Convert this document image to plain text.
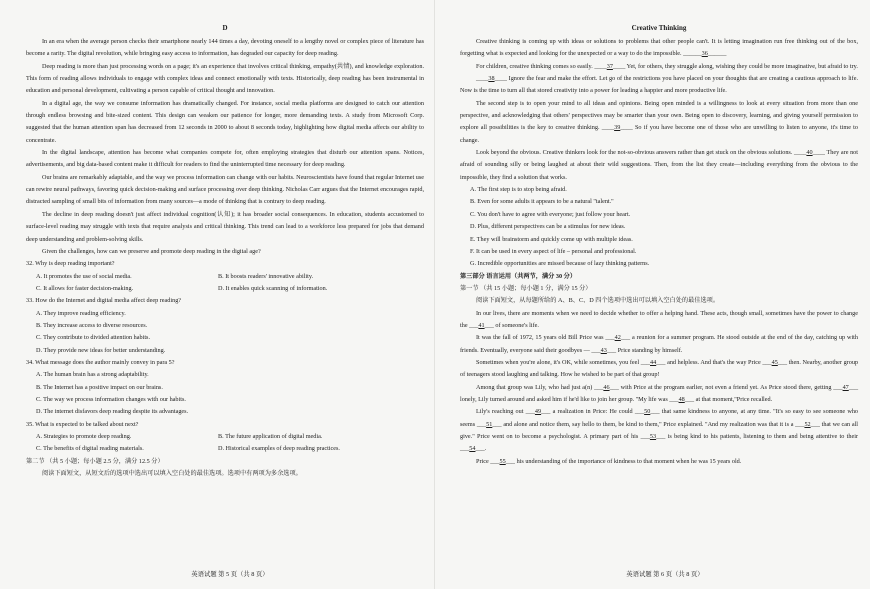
D

In an era when the average person checks their smartphone nearly 144 times a day, devoting oneself to a lengthy novel or complex piece of literature has become a rarity. The digital revolution, while bringing easy access to information, has degraded our capacity for deep reading.

Deep reading is more than just processing words on a page; it's an experience that involves critical thinking, empathy(共情), and knowledge exploration. This form of reading allows individuals to engage with complex ideas and connect emotionally with texts. Historically, deep reading has been instrumental in education and personal development, cultivating a person capable of critical thought and innovation.

In a digital age, the way we consume information has dramatically changed. For instance, social media platforms are designed to catch our attention through endless browsing and bite-sized content. This design can weaken our patience for longer, more demanding texts. A study from Microsoft Corp. suggested that the human attention span has decreased from 12 seconds in 2000 to about 8 seconds today, highlighting how digital media affects our ability to concentrate.

In the digital landscape, attention has become what companies compete for, often employing strategies that disturb our attention spans. Notices, advertisements, and big data-based content make it difficult for readers to find the uninterrupted time necessary for deep reading.

Our brains are remarkably adaptable, and the way we process information can change with our habits. Neuroscientists have found that regular Internet use can rewire neural pathways, favoring quick decision-making and surface processing over deep thinking. Nicholas Carr argues that the Internet encourages rapid, distracted sampling of small bits of information from many sources—a mode of thinking that is contrary to deep reading.

The decline in deep reading doesn't just affect individual cognition(认知); it has broader social consequences. In education, students accustomed to surface-level reading may struggle with texts that require analysis and critical thinking. This trend can lead to a workforce less prepared for jobs that demand deep understanding and problem-solving skills.

Given the challenges, how can we preserve and promote deep reading in the digital age?

32. Why is deep reading important?
A. It promotes the use of social media.	B. It boosts readers' innovative ability.
C. It allows for faster decision-making.	D. It enables quick scanning of information.
33. How do the Internet and digital media affect deep reading?
A. They improve reading efficiency.
B. They increase access to diverse resources.
C. They contribute to divided attention habits.
D. They provide new ideas for better understanding.
34. What message does the author mainly convey in para 5?
A. The human brain has a strong adaptability.
B. The Internet has a positive impact on our brains.
C. The way we process information changes with our habits.
D. The internet disfavors deep reading despite its advantages.
35. What is expected to be talked about next?
A. Strategies to promote deep reading.	B. The future application of digital media.
C. The benefits of digital reading materials.	D. Historical examples of deep reading practices.
第二节 （共 5 小题；每小题 2.5 分，满分 12.5 分）
阅读下面短文，从短文后的选项中选出可以填入空白处的最佳选项。选项中有两项为多余选项。
Creative Thinking

Creative thinking is coming up with ideas or solutions to problems that other people can't. It is letting imagination run free thinking out of the box, forgetting what is expected and looking for the unexpected or a way to do the impossible. ______36______

For children, creative thinking comes so easily. ____37____ Yet, for others, they struggle along, wishing they could be more imaginative, but afraid to try.

____38____ Ignore the fear and make the effort. Let go of the restrictions you have placed on your thoughts that are creating a cautious approach to life. Now is the time to turn all that stored creativity into a power for leading a happier and more productive life.

The second step is to open your mind to all ideas and opinions. Being open minded is a willingness to look at every situation from more than one perspective, and acknowledging that others' perspectives may be smarter than your own. Being open to discovery, learning, and giving yourself permission to explore all possibilities is the key to creative thinking. ____39____ So if you have become one of those who are unwilling to listen to anyone, it's time to change.

Look beyond the obvious. Creative thinkers look for the not-so-obvious answers rather than get stuck on the obvious solutions. ____40____ They are not afraid of sounding silly or being laughed at about their wild suggestions. Then, from the list they create—including everything from the obvious to the impossible, they find a solution that works.

A. The first step is to stop being afraid.
B. Even for some adults it appears to be a natural "talent."
C. You don't have to agree with everyone; just follow your heart.
D. Plus, different perspectives can be a stimulus for new ideas.
E. They will brainstorm and quickly come up with multiple ideas.
F. It can be used in every aspect of life – personal and professional.
G. Incredible opportunities are missed because of lazy thinking patterns.
第三部分 语言运用（共两节，满分 30 分）
第一节 （共 15 小题；每小题 1 分，满分 15 分）
阅读下面短文，从每题所给的 A、B、C、D 四个选项中选出可以填入空白处的最佳选项。

In our lives, there are moments when we need to decide whether to offer a helping hand. These acts, though small, sometimes have the power to change the ___41___ of someone's life.

It was the fall of 1972, 15 years old Bill Price was ___42___ a reunion for a summer program. He stood outside at the end of the day, catching up with friends. Eventually, everyone said their goodbyes — ___43___ Price standing by himself.

Sometimes when you're alone, it's OK, while sometimes, you feel ___44___ and helpless. And that's the way Price ___45___ then. Nearby, another group of teenagers stood laughing and talking. How he wished to be part of that group!

Among that group was Lily, who had just a(n) ___46___ with Price at the program earlier, not even a friend yet. As Price stood there, getting ___47___ lonely, Lily turned around and asked him if he'd like to join her group. "My life was ___48___ at that moment,"Price recalled.

Lily's reaching out ___49___ a realization in Price: He could ___50___ that same kindness to anyone, at any time. "It's so easy to see someone who seems ___51___ and alone and notice them, say hello to them, be kind to them," Price explained. "And my realization was that it is a ___52___ that we can all give." Price went on to become a psychologist. A primary part of his ___53___ is being kind to his patients, listening to them and being attentive to their ___54___.

Price ___55___ his understanding of the importance of kindness to that moment when he was 15 years old.

英语试题 第 5 页（共 8 页）	英语试题 第 6 页（共 8 页）
